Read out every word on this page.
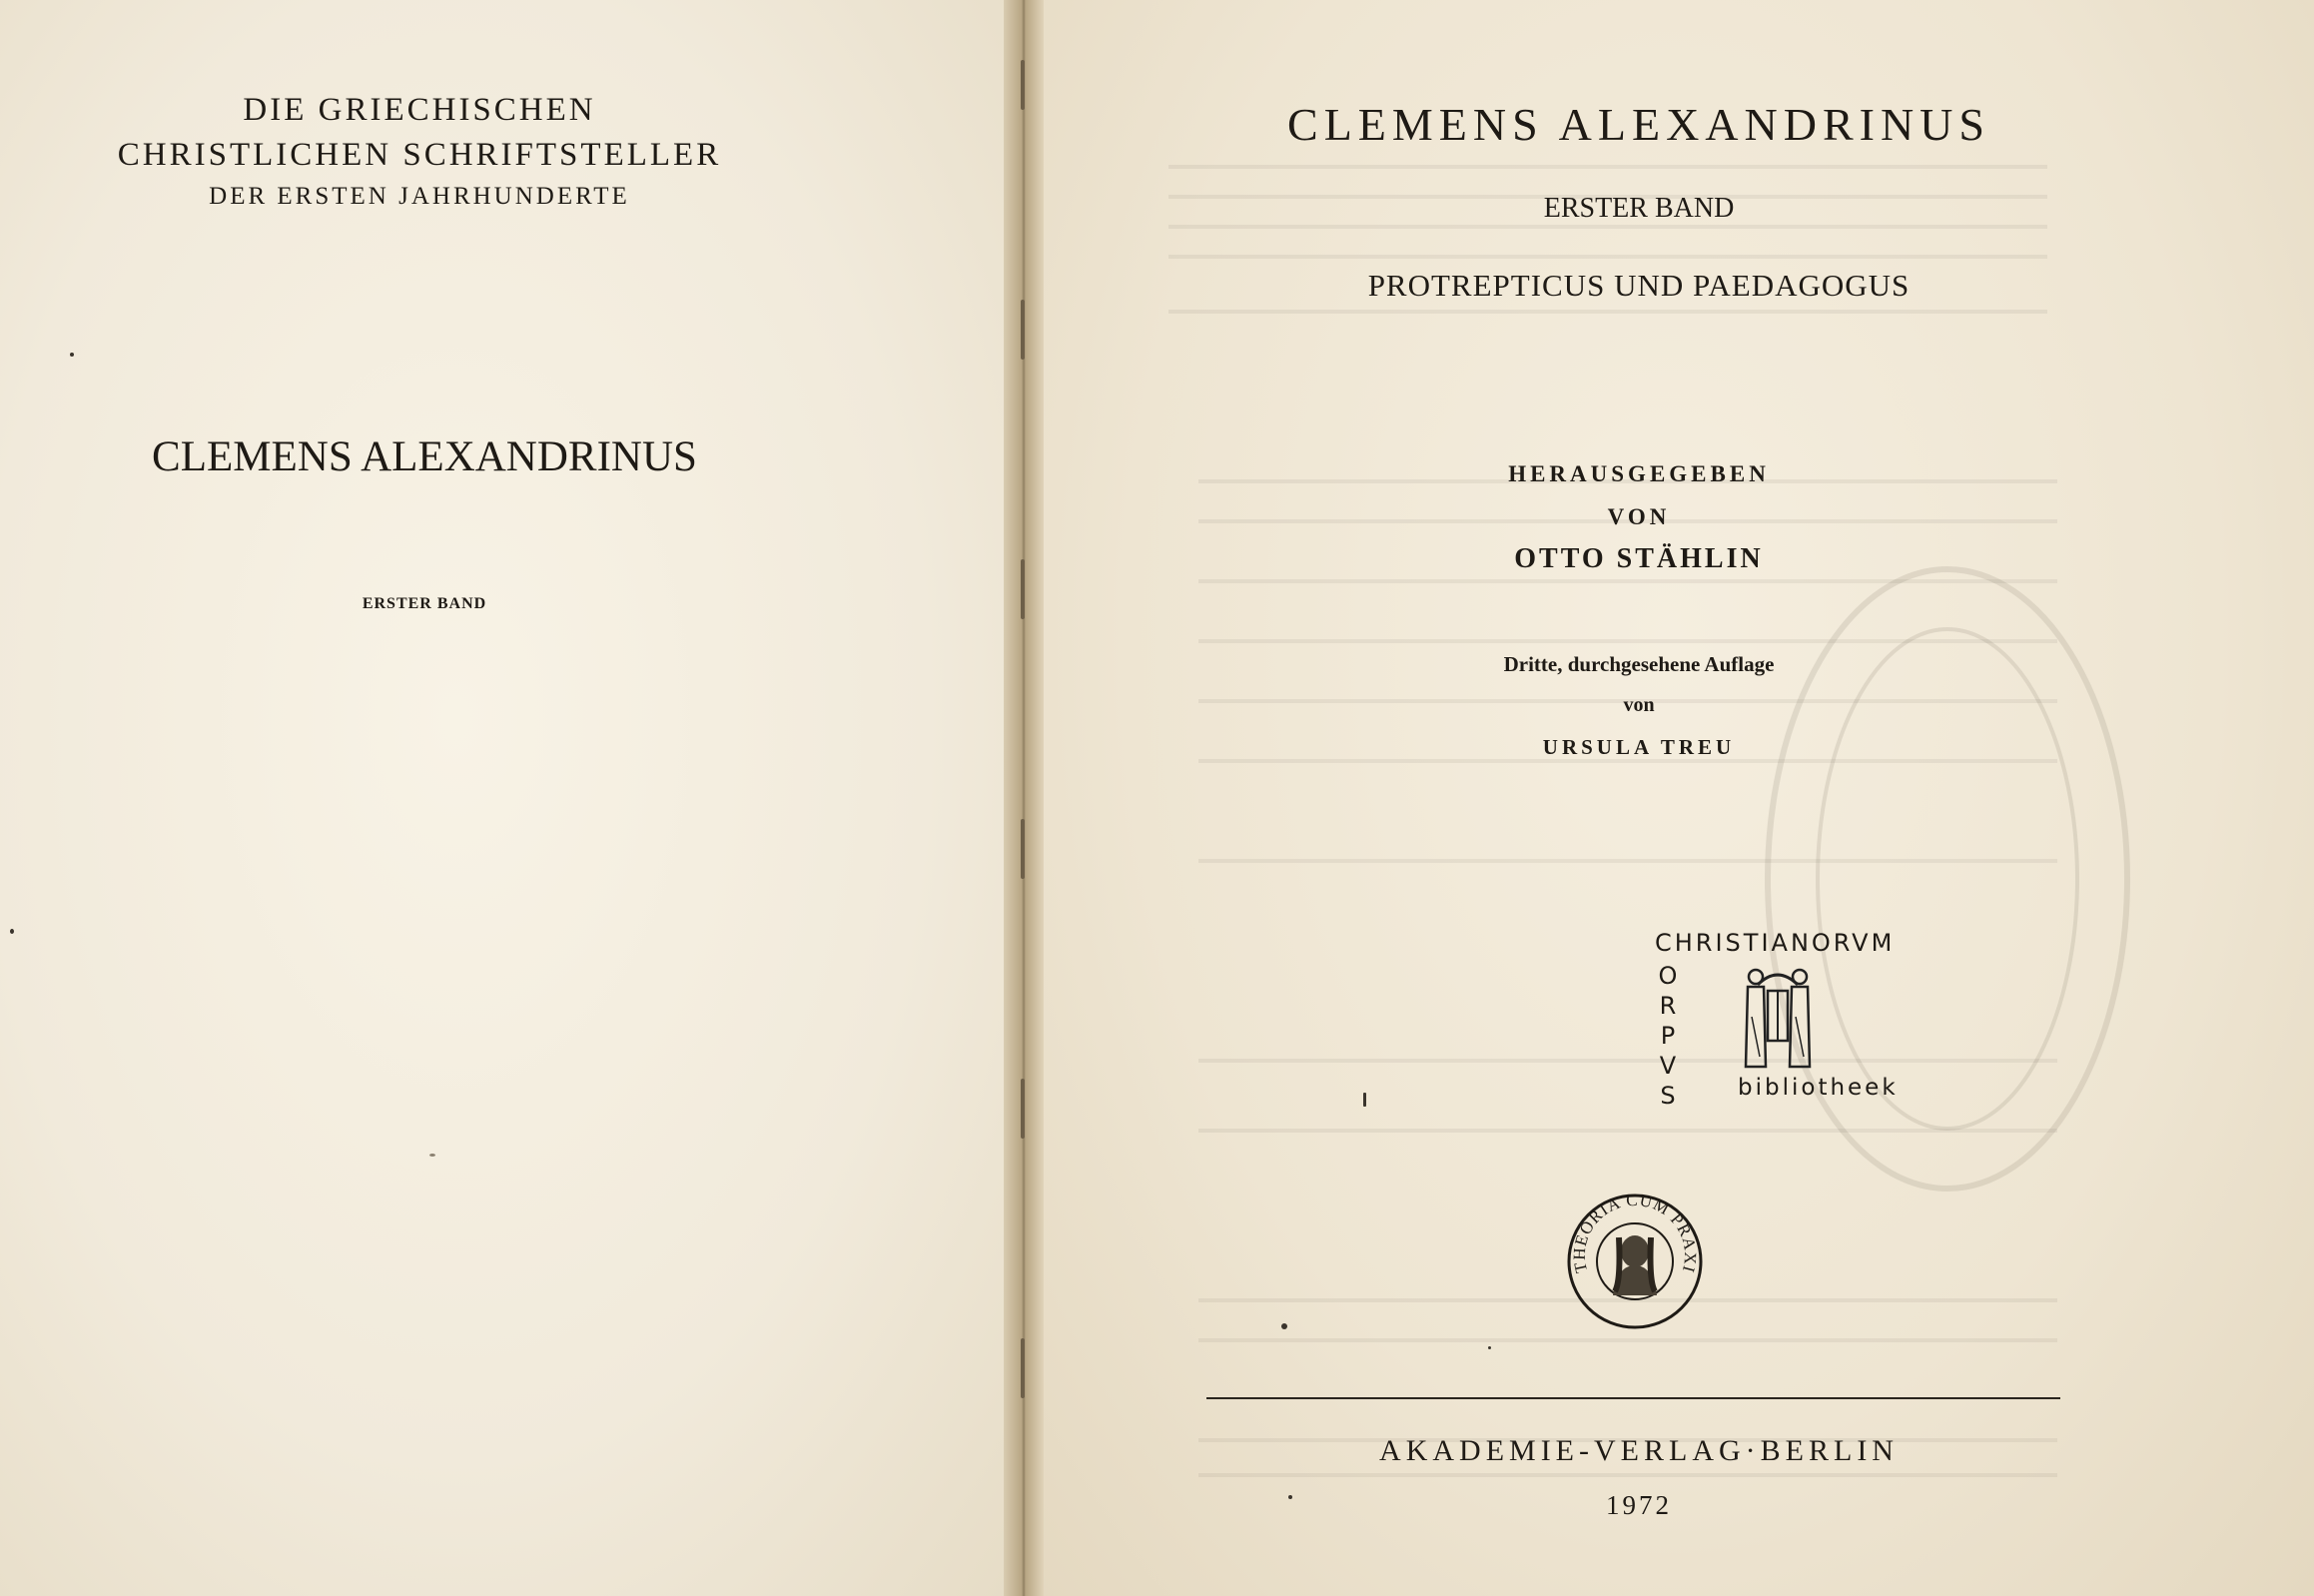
DIE GRIECHISCHEN
CHRISTLICHEN SCHRIFTSTELLER
DER ERSTEN JAHRHUNDERTE
CLEMENS ALEXANDRINUS
ERSTER BAND
CLEMENS ALEXANDRINUS
ERSTER BAND
PROTREPTICUS UND PAEDAGOGUS
HERAUSGEGEBEN
VON
OTTO STÄHLIN
Dritte, durchgesehene Auflage
von
URSULA TREU
CHRISTIANORVM
O
R
P
V
S	bibliotheek
THEORIA CUM PRAXI
AKADEMIE-VERLAG·BERLIN
1972
